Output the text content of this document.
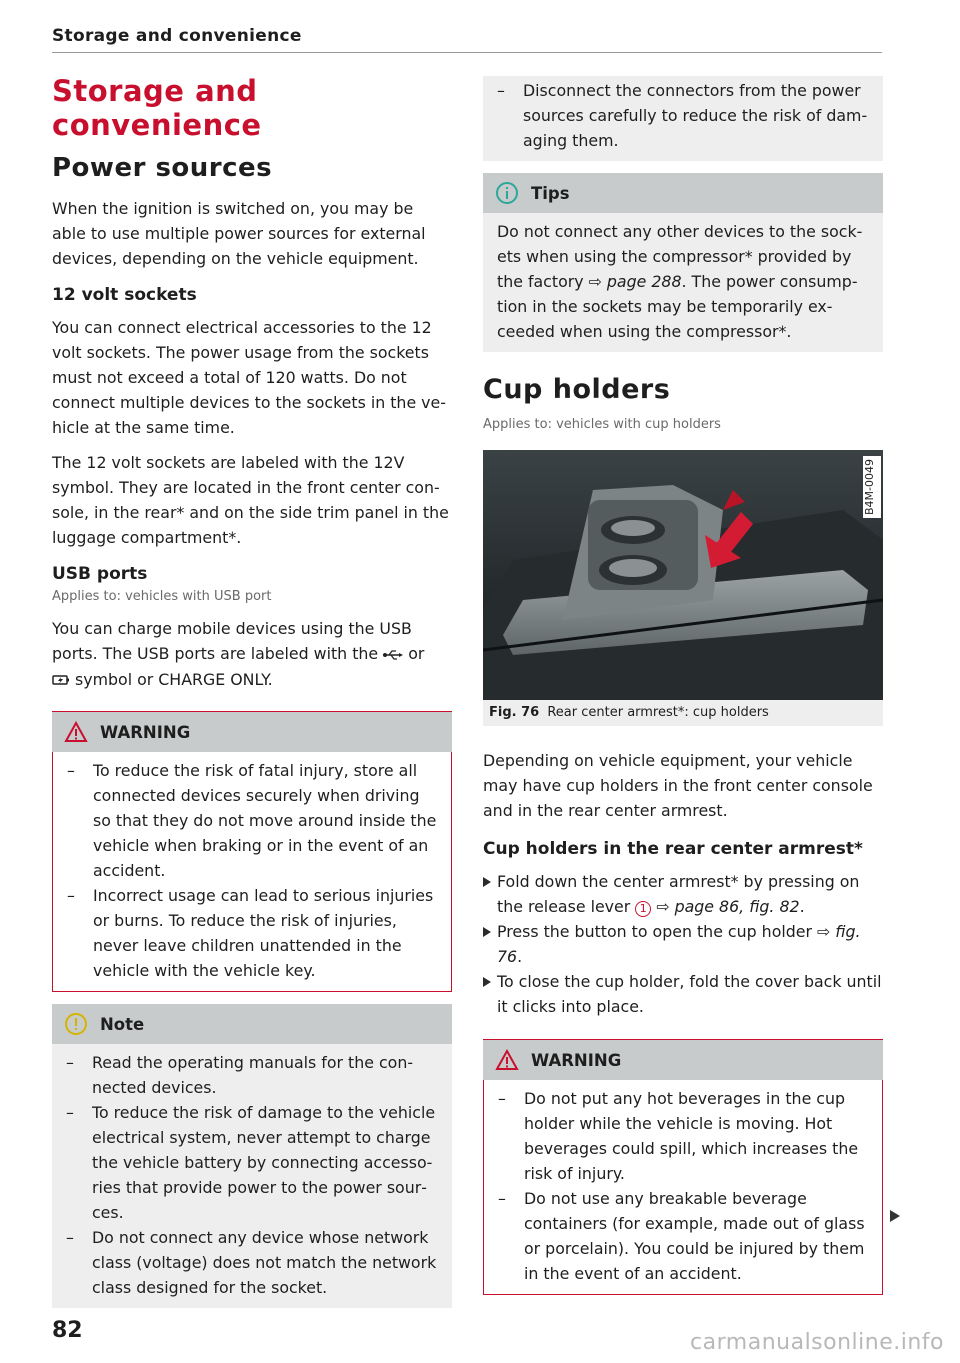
Storage and convenience
Storage and convenience
Power sources

When the ignition is switched on, you may be able to use multiple power sources for external devices, depending on the vehicle equipment.

12 volt sockets

You can connect electrical accessories to the 12 volt sockets. The power usage from the sockets must not exceed a total of 120 watts. Do not connect multiple devices to the sockets in the vehicle at the same time.

The 12 volt sockets are labeled with the 12V symbol. They are located in the front center console, in the rear* and on the side trim panel in the luggage compartment*.

USB ports
Applies to: vehicles with USB port

You can charge mobile devices using the USB ports. The USB ports are labeled with the or
symbol or CHARGE ONLY.

WARNING
– To reduce the risk of fatal injury, store all connected devices securely when driving so that they do not move around inside the vehicle when braking or in the event of an accident.
– Incorrect usage can lead to serious injuries or burns. To reduce the risk of injuries, never leave children unattended in the vehicle with the vehicle key.
Note
– Read the operating manuals for the connected devices.
– To reduce the risk of damage to the vehicle electrical system, never attempt to charge the vehicle battery by connecting accessories that provide power to the power sources.
– Do not connect any device whose network class (voltage) does not match the network class designed for the socket.
– Disconnect the connectors from the power sources carefully to reduce the risk of damaging them.
Tips

Do not connect any other devices to the sockets when using the compressor* provided by the factory ⇨ page 288. The power consumption in the sockets may be temporarily exceeded when using the compressor*.

Cup holders
Applies to: vehicles with cup holders
B4M-0049
Fig. 76 Rear center armrest*: cup holders

Depending on vehicle equipment, your vehicle may have cup holders in the front center console and in the rear center armrest.

Cup holders in the rear center armrest*
Fold down the center armrest* by pressing on the release lever 1 ⇨ page 86, fig. 82.
Press the button to open the cup holder ⇨ fig. 76.
To close the cup holder, fold the cover back until it clicks into place.
WARNING
– Do not put any hot beverages in the cup holder while the vehicle is moving. Hot beverages could spill, which increases the risk of injury.
– Do not use any breakable beverage containers (for example, made out of glass or porcelain). You could be injured by them in the event of an accident.
82	carmanualsonline.info
